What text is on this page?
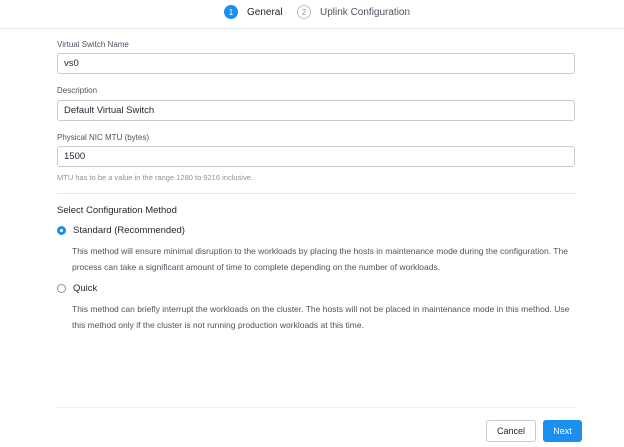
1	General	2	Uplink Configuration
Virtual Switch Name
vs0
Description
Default Virtual Switch
Physical NIC MTU (bytes)
1500
MTU has to be a value in the range 1280 to 9216 inclusive.
Select Configuration Method
Standard (Recommended)
This method will ensure minimal disruption to the workloads by placing the hosts in maintenance mode during the configuration. The process can take a significant amount of time to complete depending on the number of workloads.
Quick
This method can briefly interrupt the workloads on the cluster. The hosts will not be placed in maintenance mode in this method. Use this method only if the cluster is not running production workloads at this time.
Cancel	Next
